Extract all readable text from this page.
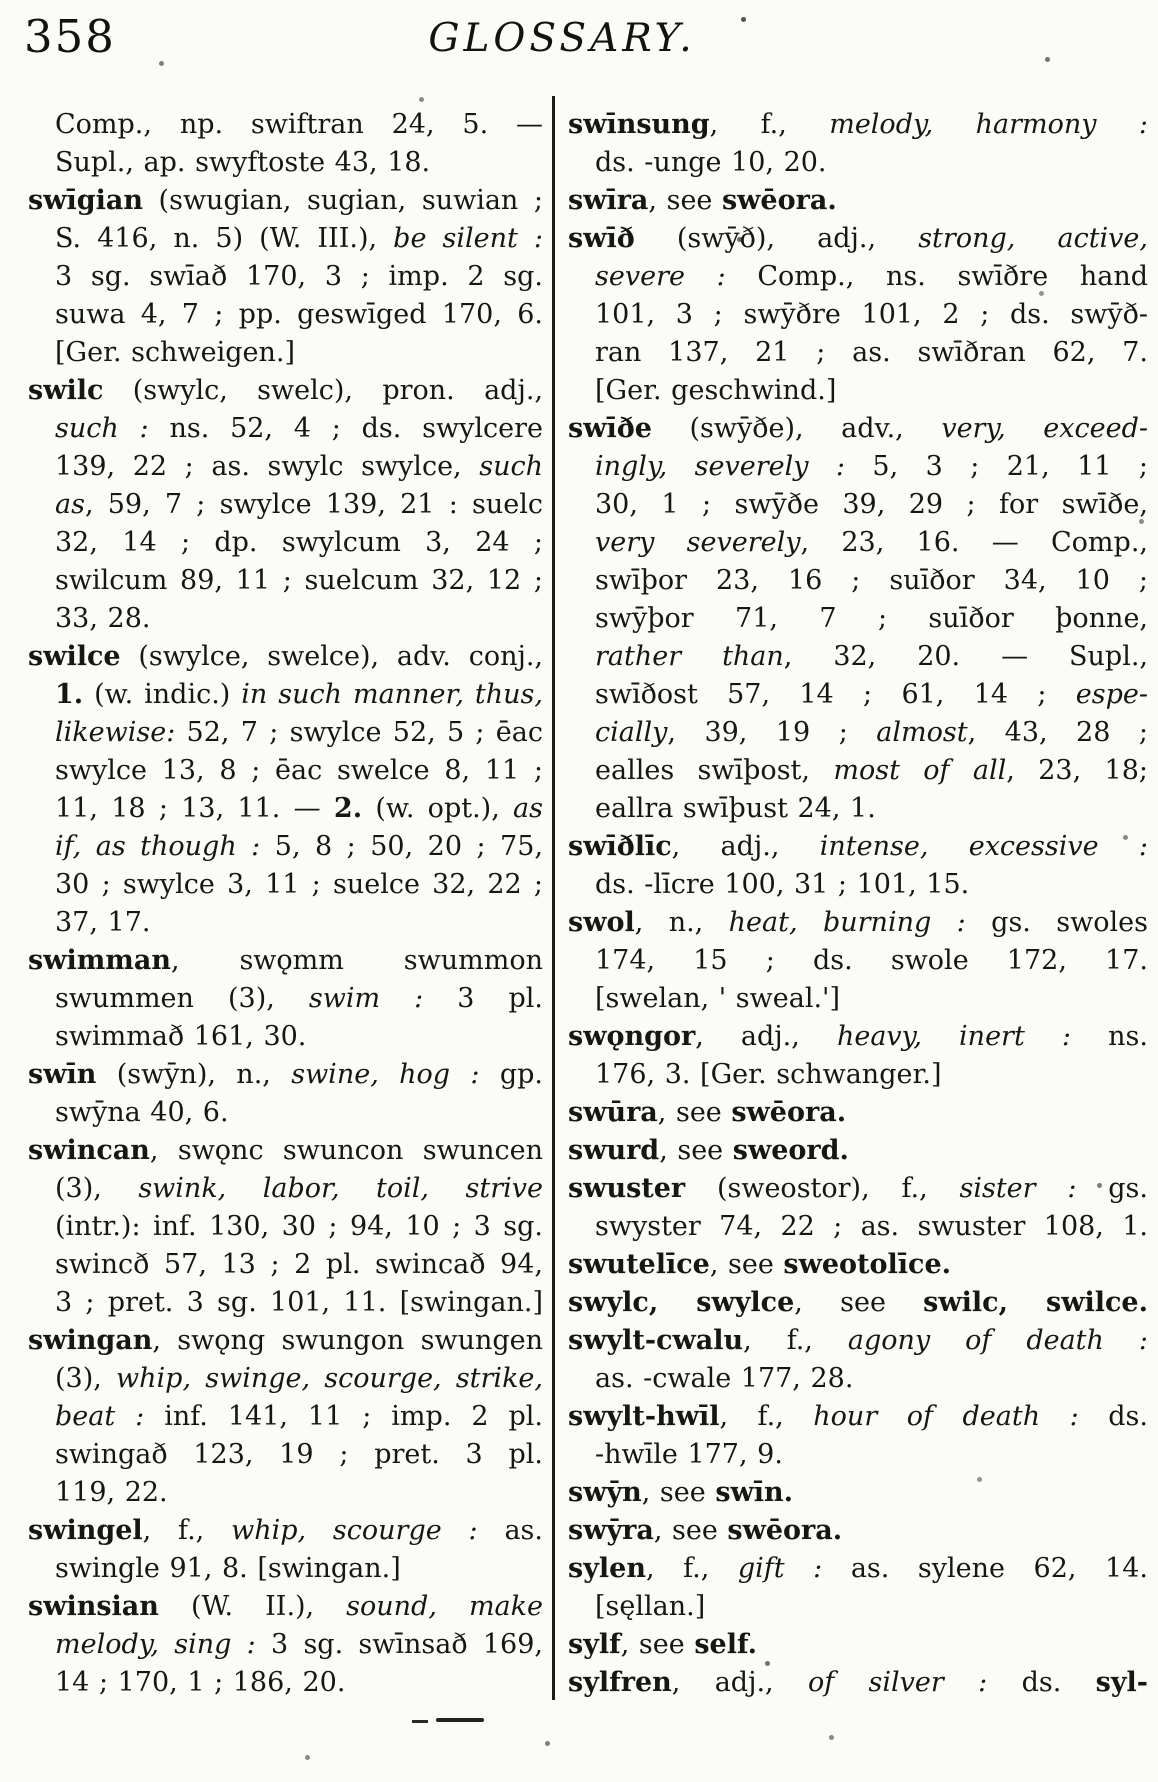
358	GLOSSARY.
Comp., np. swiftran 24, 5. —
Supl., ap. swyftoste 43, 18.
swīgian (swugian, sugian, suwian ;
S. 416, n. 5) (W. III.), be silent :
3 sg. swīað 170, 3 ; imp. 2 sg.
suwa 4, 7 ; pp. geswīged 170, 6.
[Ger. schweigen.]
swilc (swylc, swelc), pron. adj.,
such : ns. 52, 4 ; ds. swylcere
139, 22 ; as. swylc swylce, such
as, 59, 7 ; swylce 139, 21 : suelc
32, 14 ; dp. swylcum 3, 24 ;
swilcum 89, 11 ; suelcum 32, 12 ;
33, 28.
swilce (swylce, swelce), adv. conj.,
1. (w. indic.) in such manner, thus,
likewise: 52, 7 ; swylce 52, 5 ; ēac
swylce 13, 8 ; ēac swelce 8, 11 ;
11, 18 ; 13, 11. — 2. (w. opt.), as
if, as though : 5, 8 ; 50, 20 ; 75,
30 ; swylce 3, 11 ; suelce 32, 22 ;
37, 17.
swimman, swǫmm swummon
swummen (3), swim : 3 pl.
swimmað 161, 30.
swīn (swȳn), n., swine, hog : gp.
swȳna 40, 6.
swincan, swǫnc swuncon swuncen
(3), swink, labor, toil, strive
(intr.): inf. 130, 30 ; 94, 10 ; 3 sg.
swincð 57, 13 ; 2 pl. swincað 94,
3 ; pret. 3 sg. 101, 11. [swingan.]
swingan, swǫng swungon swungen
(3), whip, swinge, scourge, strike,
beat : inf. 141, 11 ; imp. 2 pl.
swingað 123, 19 ; pret. 3 pl.
119, 22.
swingel, f., whip, scourge : as.
swingle 91, 8. [swingan.]
swinsian (W. II.), sound, make
melody, sing : 3 sg. swīnsað 169,
14 ; 170, 1 ; 186, 20.
swīnsung, f., melody, harmony :
ds. -unge 10, 20.
swīra, see swēora.
swīð (swȳð), adj., strong, active,
severe : Comp., ns. swīðre hand
101, 3 ; swȳðre 101, 2 ; ds. swȳð-
ran 137, 21 ; as. swīðran 62, 7.
[Ger. geschwind.]
swīðe (swȳðe), adv., very, exceed-
ingly, severely : 5, 3 ; 21, 11 ;
30, 1 ; swȳðe 39, 29 ; for swīðe,
very severely, 23, 16. — Comp.,
swīþor 23, 16 ; suīðor 34, 10 ;
swȳþor 71, 7 ; suīðor þonne,
rather than, 32, 20. — Supl.,
swīðost 57, 14 ; 61, 14 ; espe-
cially, 39, 19 ; almost, 43, 28 ;
ealles swīþost, most of all, 23, 18;
eallra swīþust 24, 1.
swīðlīc, adj., intense, excessive :
ds. -līcre 100, 31 ; 101, 15.
swol, n., heat, burning : gs. swoles
174, 15 ; ds. swole 172, 17.
[swelan, ' sweal.']
swǫngor, adj., heavy, inert : ns.
176, 3. [Ger. schwanger.]
swūra, see swēora.
swurd, see sweord.
swuster (sweostor), f., sister : gs.
swyster 74, 22 ; as. swuster 108, 1.
swutelīce, see sweotolīce.
swylc, swylce, see swilc, swilce.
swylt-cwalu, f., agony of death :
as. -cwale 177, 28.
swylt-hwīl, f., hour of death : ds.
-hwīle 177, 9.
swȳn, see swīn.
swȳra, see swēora.
sylen, f., gift : as. sylene 62, 14.
[sęllan.]
sylf, see self.
sylfren, adj., of silver : ds. syl-
